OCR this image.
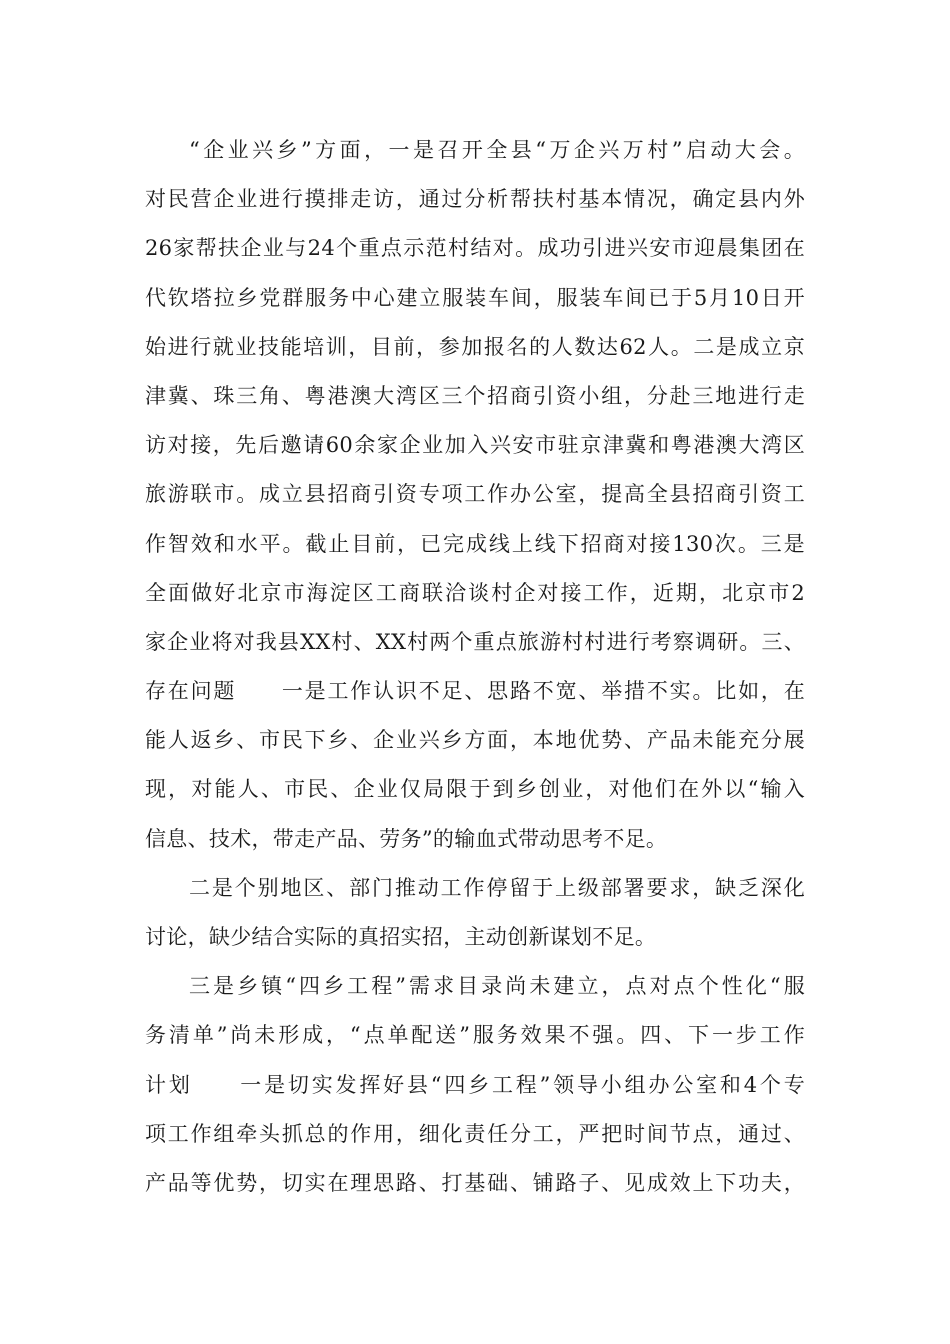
“企业兴乡”方面，一是召开全县“万企兴万村”启动大会。
对民营企业进行摸排走访，通过分析帮扶村基本情况，确定县内外
26家帮扶企业与24个重点示范村结对。成功引进兴安市迎晨集团在
代钦塔拉乡党群服务中心建立服装车间，服装车间已于5月10日开
始进行就业技能培训，目前，参加报名的人数达62人。二是成立京
津冀、珠三角、粤港澳大湾区三个招商引资小组，分赴三地进行走
访对接，先后邀请60余家企业加入兴安市驻京津冀和粤港澳大湾区
旅游联市。成立县招商引资专项工作办公室，提高全县招商引资工
作智效和水平。截止目前，已完成线上线下招商对接130次。三是
全面做好北京市海淀区工商联洽谈村企对接工作，近期，北京市2
家企业将对我县XX村、XX村两个重点旅游村村进行考察调研。三、
存在问题　　一是工作认识不足、思路不宽、举措不实。比如，在
能人返乡、市民下乡、企业兴乡方面，本地优势、产品未能充分展
现，对能人、市民、企业仅局限于到乡创业，对他们在外以“输入
信息、技术，带走产品、劳务”的输血式带动思考不足。
二是个别地区、部门推动工作停留于上级部署要求，缺乏深化
讨论，缺少结合实际的真招实招，主动创新谋划不足。
三是乡镇“四乡工程”需求目录尚未建立，点对点个性化“服
务清单”尚未形成，“点单配送”服务效果不强。四、下一步工作
计划　　一是切实发挥好县“四乡工程”领导小组办公室和4个专
项工作组牵头抓总的作用，细化责任分工，严把时间节点，通过、
产品等优势，切实在理思路、打基础、铺路子、见成效上下功夫，
